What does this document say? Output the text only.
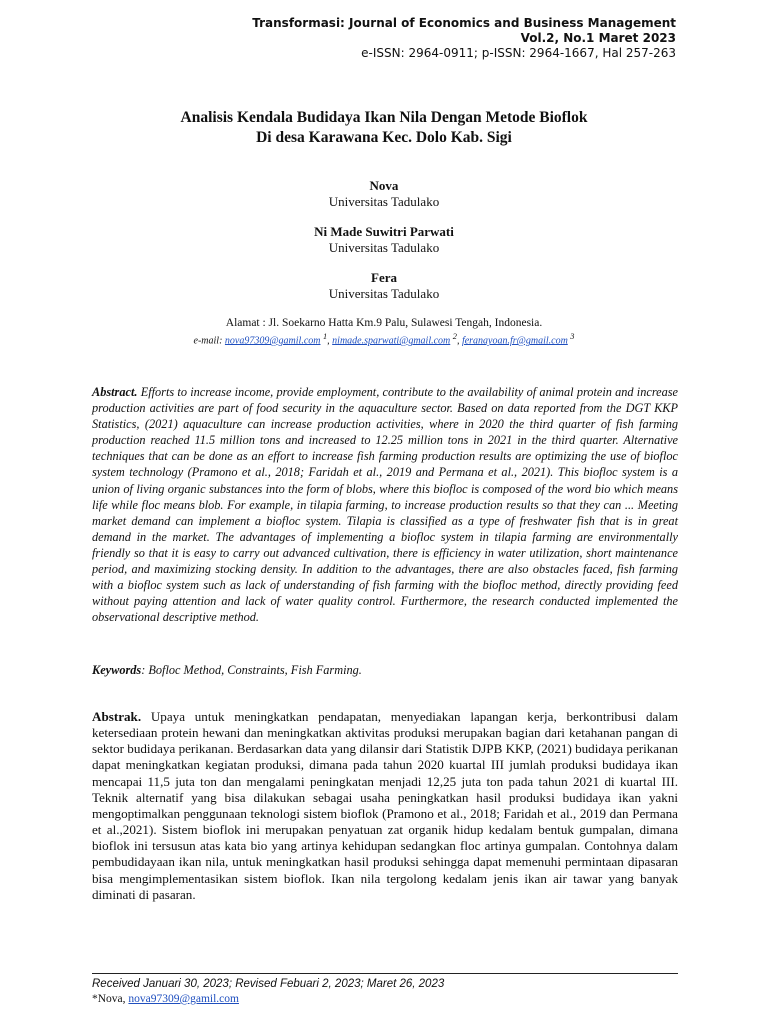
Transformasi: Journal of Economics and Business Management
Vol.2, No.1 Maret 2023
e-ISSN: 2964-0911; p-ISSN: 2964-1667, Hal 257-263
Analisis Kendala Budidaya Ikan Nila Dengan Metode Bioflok
Di desa Karawana Kec. Dolo Kab. Sigi
Nova
Universitas Tadulako
Ni Made Suwitri Parwati
Universitas Tadulako
Fera
Universitas Tadulako
Alamat : Jl. Soekarno Hatta Km.9 Palu, Sulawesi Tengah, Indonesia.
e-mail: nova97309@gamil.com $^1$, nimade.sparwati@gmail.com $^2$, feranayoan.fr@gmail.com $^3$
Abstract. Efforts to increase income, provide employment, contribute to the availability of animal protein and increase production activities are part of food security in the aquaculture sector. Based on data reported from the DGT KKP Statistics, (2021) aquaculture can increase production activities, where in 2020 the third quarter of fish farming production reached 11.5 million tons and increased to 12.25 million tons in 2021 in the third quarter. Alternative techniques that can be done as an effort to increase fish farming production results are optimizing the use of biofloc system technology (Pramono et al., 2018; Faridah et al., 2019 and Permana et al., 2021). This biofloc system is a union of living organic substances into the form of blobs, where this biofloc is composed of the word bio which means life while floc means blob. For example, in tilapia farming, to increase production results so that they can ... Meeting market demand can implement a biofloc system. Tilapia is classified as a type of freshwater fish that is in great demand in the market. The advantages of implementing a biofloc system in tilapia farming are environmentally friendly so that it is easy to carry out advanced cultivation, there is efficiency in water utilization, short maintenance period, and maximizing stocking density. In addition to the advantages, there are also obstacles faced, fish farming with a biofloc system such as lack of understanding of fish farming with the biofloc method, directly providing feed without paying attention and lack of water quality control. Furthermore, the research conducted implemented the observational descriptive method.
Keywords: Bofloc Method, Constraints, Fish Farming.
Abstrak. Upaya untuk meningkatkan pendapatan, menyediakan lapangan kerja, berkontribusi dalam ketersediaan protein hewani dan meningkatkan aktivitas produksi merupakan bagian dari ketahanan pangan di sektor budidaya perikanan. Berdasarkan data yang dilansir dari Statistik DJPB KKP, (2021) budidaya perikanan dapat meningkatkan kegiatan produksi, dimana pada tahun 2020 kuartal III jumlah produksi budidaya ikan mencapai 11,5 juta ton dan mengalami peningkatan menjadi 12,25 juta ton pada tahun 2021 di kuartal III. Teknik alternatif yang bisa dilakukan sebagai usaha peningkatkan hasil produksi budidaya ikan yakni mengoptimalkan penggunaan teknologi sistem bioflok (Pramono et al., 2018; Faridah et al., 2019 dan Permana et al.,2021). Sistem bioflok ini merupakan penyatuan zat organik hidup kedalam bentuk gumpalan, dimana bioflok ini tersusun atas kata bio yang artinya kehidupan sedangkan floc artinya gumpalan. Contohnya dalam pembudidayaan ikan nila, untuk meningkatkan hasil produksi sehingga dapat memenuhi permintaan dipasaran bisa mengimplementasikan sistem bioflok. Ikan nila tergolong kedalam jenis ikan air tawar yang banyak diminati di pasaran.
Received Januari 30, 2023; Revised Febuari 2, 2023; Maret 26, 2023
*Nova, nova97309@gamil.com
